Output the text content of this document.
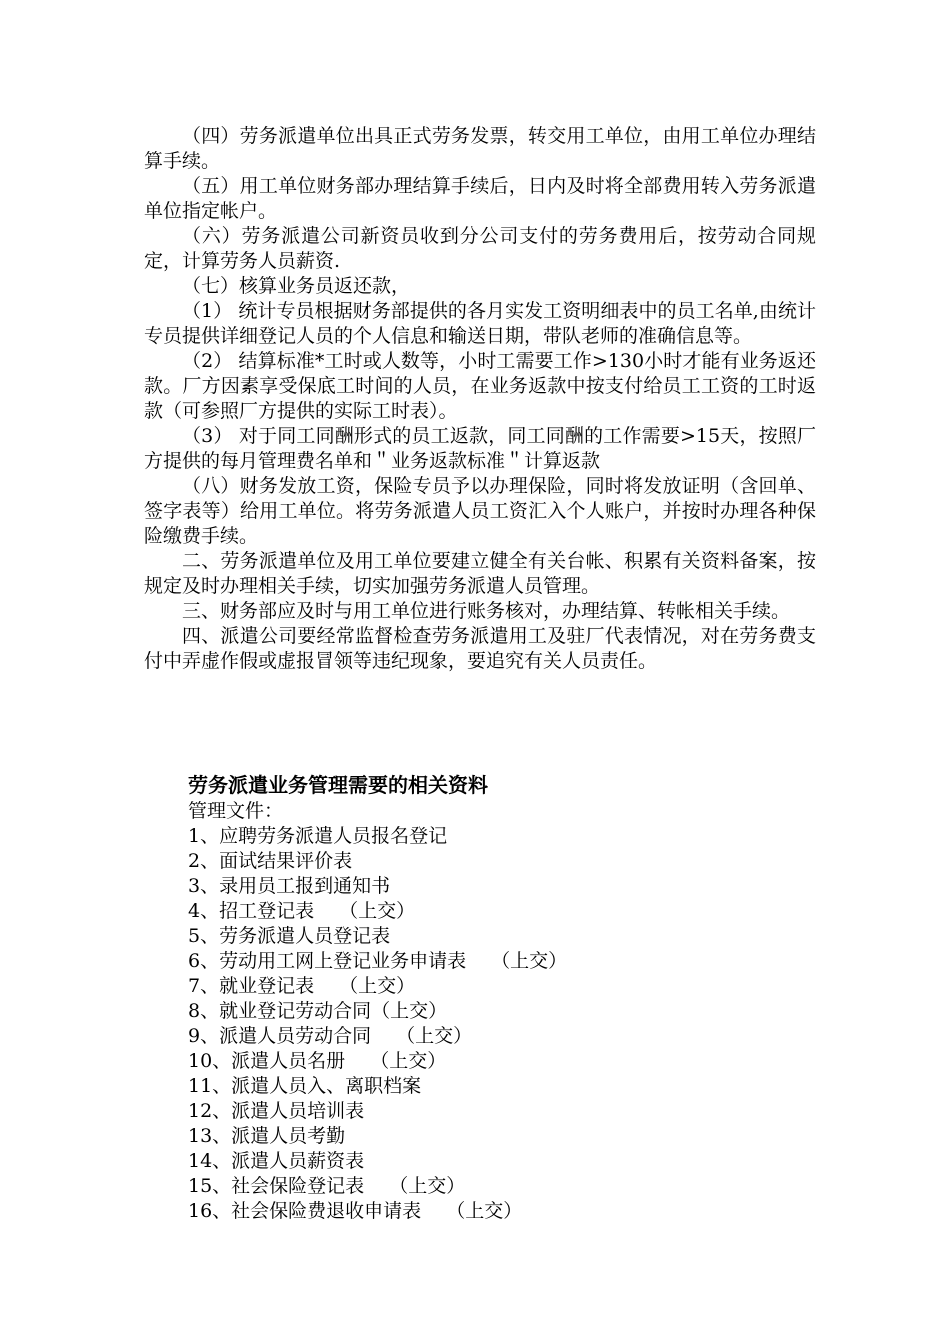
（四）劳务派遣单位出具正式劳务发票，转交用工单位，由用工单位办理结算手续。

（五）用工单位财务部办理结算手续后，日内及时将全部费用转入劳务派遣单位指定帐户。

（六）劳务派遣公司新资员收到分公司支付的劳务费用后，按劳动合同规定，计算劳务人员薪资.

（七）核算业务员返还款，

（1） 统计专员根据财务部提供的各月实发工资明细表中的员工名单,由统计专员提供详细登记人员的个人信息和输送日期，带队老师的准确信息等。

（2） 结算标准*工时或人数等，小时工需要工作>130小时才能有业务返还款。厂方因素享受保底工时间的人员，在业务返款中按支付给员工工资的工时返款（可参照厂方提供的实际工时表）。

（3） 对于同工同酬形式的员工返款，同工同酬的工作需要>15天，按照厂方提供的每月管理费名单和＂业务返款标准＂计算返款

（八）财务发放工资，保险专员予以办理保险，同时将发放证明（含回单、签字表等）给用工单位。将劳务派遣人员工资汇入个人账户，并按时办理各种保险缴费手续。

二、劳务派遣单位及用工单位要建立健全有关台帐、积累有关资料备案，按规定及时办理相关手续，切实加强劳务派遣人员管理。

三、财务部应及时与用工单位进行账务核对，办理结算、转帐相关手续。

四、派遣公司要经常监督检查劳务派遣用工及驻厂代表情况，对在劳务费支付中弄虚作假或虚报冒领等违纪现象，要追究有关人员责任。

劳务派遣业务管理需要的相关资料
管理文件：
1、应聘劳务派遣人员报名登记
2、面试结果评价表
3、录用员工报到通知书
4、招工登记表　 （上交）
5、劳务派遣人员登记表
6、劳动用工网上登记业务申请表　 （上交）
7、就业登记表　 （上交）
8、就业登记劳动合同（上交）
9、派遣人员劳动合同　 （上交）
10、派遣人员名册　 （上交）
11、派遣人员入、离职档案
12、派遣人员培训表
13、派遣人员考勤
14、派遣人员薪资表
15、社会保险登记表　 （上交）
16、社会保险费退收申请表　 （上交）
